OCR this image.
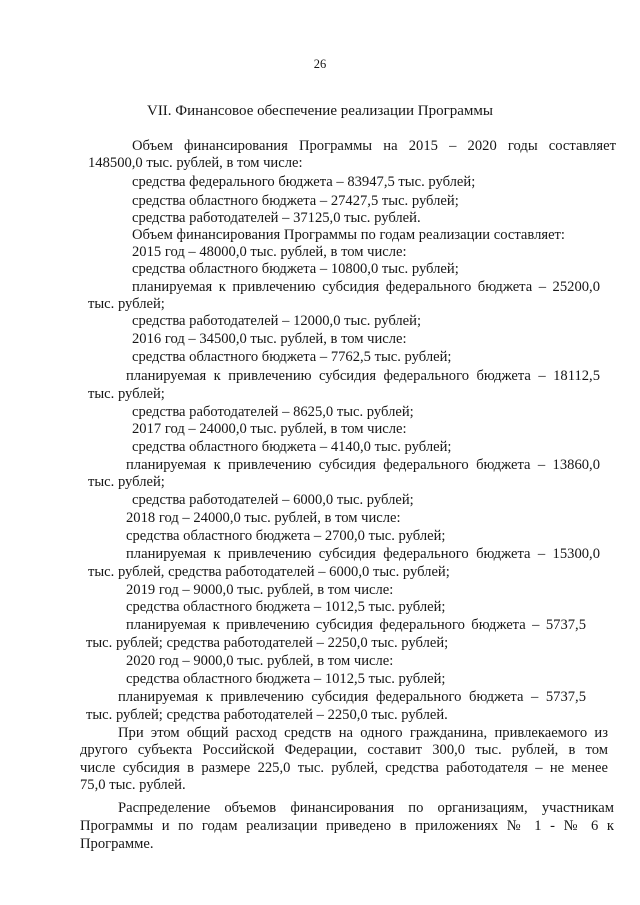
26
VII. Финансовое обеспечение реализации Программы
Объем финансирования Программы на 2015 – 2020 годы составляет
148500,0 тыс. рублей, в том числе:
средства федерального бюджета – 83947,5 тыс. рублей;
средства областного бюджета – 27427,5 тыс. рублей;
средства работодателей – 37125,0 тыс. рублей.
Объем финансирования Программы по годам реализации составляет:
2015 год – 48000,0 тыс. рублей, в том числе:
средства областного бюджета – 10800,0 тыс. рублей;
планируемая к привлечению субсидия федерального бюджета – 25200,0
тыс. рублей;
средства работодателей – 12000,0 тыс. рублей;
2016 год – 34500,0 тыс. рублей, в том числе:
средства областного бюджета – 7762,5 тыс. рублей;
планируемая к привлечению субсидия федерального бюджета – 18112,5
тыс. рублей;
средства работодателей – 8625,0 тыс. рублей;
2017 год – 24000,0 тыс. рублей, в том числе:
средства областного бюджета – 4140,0 тыс. рублей;
планируемая к привлечению субсидия федерального бюджета – 13860,0
тыс. рублей;
средства работодателей – 6000,0 тыс. рублей;
2018 год – 24000,0 тыс. рублей, в том числе:
средства областного бюджета – 2700,0 тыс. рублей;
планируемая к привлечению субсидия федерального бюджета – 15300,0
тыс. рублей, средства работодателей – 6000,0 тыс. рублей;
2019 год – 9000,0 тыс. рублей, в том числе:
средства областного бюджета – 1012,5 тыс. рублей;
планируемая к привлечению субсидия федерального бюджета – 5737,5
тыс. рублей; средства работодателей – 2250,0 тыс. рублей;
2020 год – 9000,0 тыс. рублей, в том числе:
средства областного бюджета – 1012,5 тыс. рублей;
планируемая к привлечению субсидия федерального бюджета – 5737,5
тыс. рублей; средства работодателей – 2250,0 тыс. рублей.
При этом общий расход средств на одного гражданина, привлекаемого из
другого субъекта Российской Федерации, составит 300,0 тыс. рублей, в том
числе субсидия в размере 225,0 тыс. рублей, средства работодателя – не менее
75,0 тыс. рублей.
Распределение объемов финансирования по организациям, участникам
Программы и по годам реализации приведено в приложениях № 1 - № 6 к
Программе.
